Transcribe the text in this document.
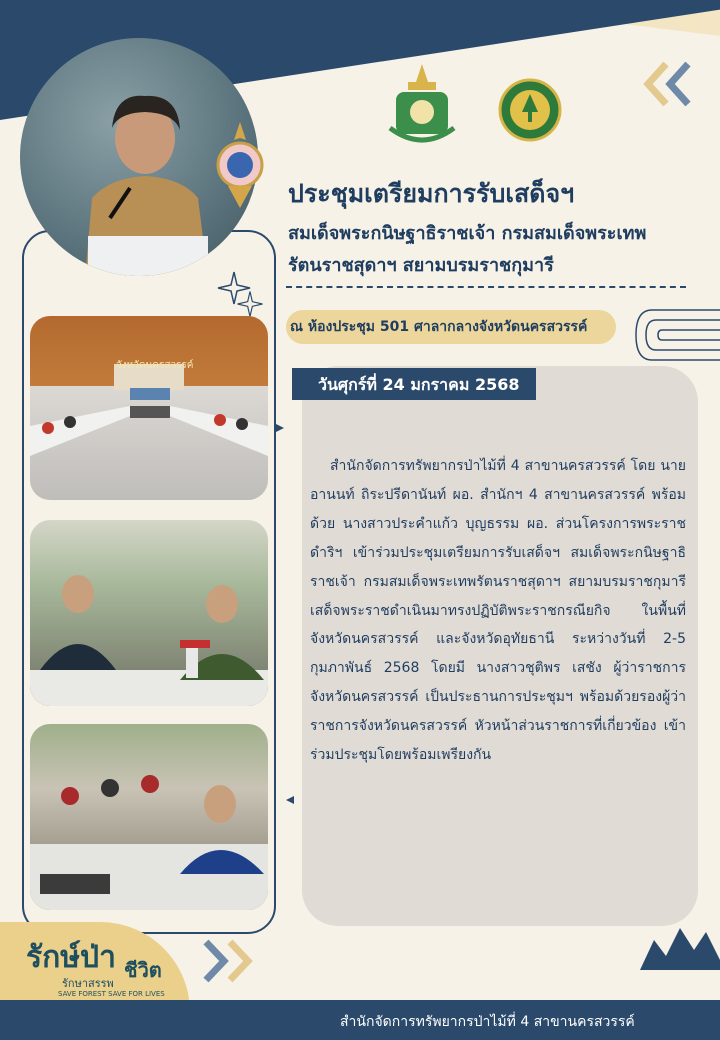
ประชุมเตรียมการรับเสด็จฯ
สมเด็จพระกนิษฐาธิราชเจ้า กรมสมเด็จพระเทพ
รัตนราชสุดาฯ สยามบรมราชกุมารี
ณ ห้องประชุม 501 ศาลากลางจังหวัดนครสวรรค์
วันศุกร์ที่ 24 มกราคม 2568

สำนักจัดการทรัพยากรป่าไม้ที่ 4 สาขานครสวรรค์ โดย นายอานนท์ ถิระปรีดานันท์ ผอ. สำนักฯ 4 สาขานครสวรรค์ พร้อมด้วย นางสาวประคำแก้ว บุญธรรม ผอ. ส่วนโครงการพระราชดำริฯ เข้าร่วมประชุมเตรียมการรับเสด็จฯ สมเด็จพระกนิษฐาธิราชเจ้า กรมสมเด็จพระเทพรัตนราชสุดาฯ สยามบรมราชกุมารี เสด็จพระราชดำเนินมาทรงปฏิบัติพระราชกรณียกิจ ในพื้นที่จังหวัดนครสวรรค์ และจังหวัดอุทัยธานี ระหว่างวันที่ 2-5 กุมภาพันธ์ 2568 โดยมี นางสาวชุติพร เสชัง ผู้ว่าราชการจังหวัดนครสวรรค์ เป็นประธานการประชุมฯ พร้อมด้วยรองผู้ว่าราชการจังหวัดนครสวรรค์ หัวหน้าส่วนราชการที่เกี่ยวข้อง เข้าร่วมประชุมโดยพร้อมเพรียงกัน

จังหวัดนครสวรรค์
รักษ์ป่า ชีวิต
รักษาสรรพ
SAVE FOREST SAVE FOR LIVES
สำนักจัดการทรัพยากรป่าไม้ที่ 4 สาขานครสวรรค์
